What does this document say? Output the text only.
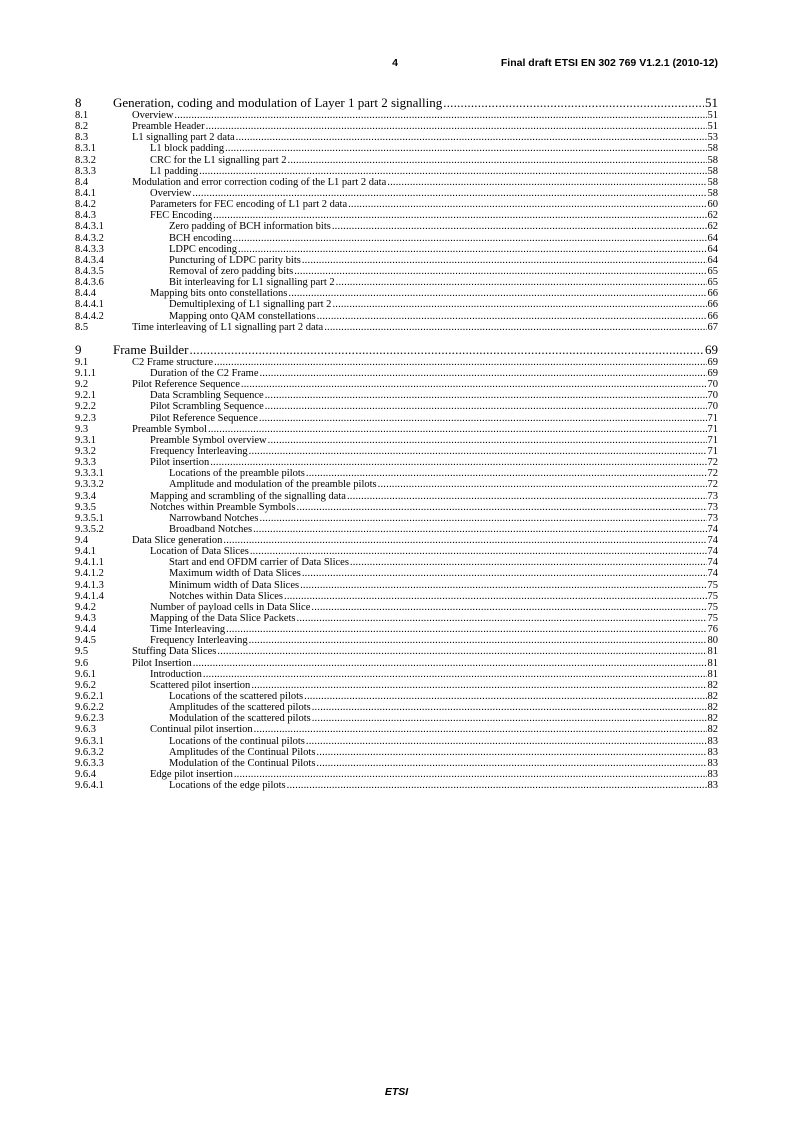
4	Final draft ETSI EN 302 769 V1.2.1 (2010-12)
8 Generation, coding and modulation of Layer 1 part 2 signalling .....	51
8.1	Overview .....	51
8.2	Preamble Header .....	51
8.3	L1 signalling part 2 data .....	53
8.3.1	L1 block padding .....	58
8.3.2	CRC for the L1 signalling part 2 .....	58
8.3.3	L1 padding .....	58
8.4	Modulation and error correction coding of the L1 part 2 data .....	58
8.4.1	Overview .....	58
8.4.2	Parameters for FEC encoding of L1 part 2 data .....	60
8.4.3	FEC Encoding .....	62
8.4.3.1	Zero padding of BCH information bits .....	62
8.4.3.2	BCH encoding .....	64
8.4.3.3	LDPC encoding .....	64
8.4.3.4	Puncturing of LDPC parity bits .....	64
8.4.3.5	Removal of zero padding bits .....	65
8.4.3.6	Bit interleaving for L1 signalling part 2 .....	65
8.4.4	Mapping bits onto constellations .....	66
8.4.4.1	Demultiplexing of L1 signalling part 2 .....	66
8.4.4.2	Mapping onto QAM constellations .....	66
8.5	Time interleaving of L1 signalling part 2 data .....	67
9 Frame Builder .....	69
9.1	C2 Frame structure .....	69
9.1.1	Duration of the C2 Frame .....	69
9.2	Pilot Reference Sequence .....	70
9.2.1	Data Scrambling Sequence .....	70
9.2.2	Pilot Scrambling Sequence .....	70
9.2.3	Pilot Reference Sequence .....	71
9.3	Preamble Symbol .....	71
9.3.1	Preamble Symbol overview .....	71
9.3.2	Frequency Interleaving .....	71
9.3.3	Pilot insertion .....	72
9.3.3.1	Locations of the preamble pilots .....	72
9.3.3.2	Amplitude and modulation of the preamble pilots .....	72
9.3.4	Mapping and scrambling of the signalling data .....	73
9.3.5	Notches within Preamble Symbols .....	73
9.3.5.1	Narrowband Notches .....	73
9.3.5.2	Broadband Notches .....	74
9.4	Data Slice generation .....	74
9.4.1	Location of Data Slices .....	74
9.4.1.1	Start and end OFDM carrier of Data Slices .....	74
9.4.1.2	Maximum width of Data Slices .....	74
9.4.1.3	Minimum width of Data Slices .....	75
9.4.1.4	Notches within Data Slices .....	75
9.4.2	Number of payload cells in Data Slice .....	75
9.4.3	Mapping of the Data Slice Packets .....	75
9.4.4	Time Interleaving .....	76
9.4.5	Frequency Interleaving .....	80
9.5	Stuffing Data Slices .....	81
9.6	Pilot Insertion .....	81
9.6.1	Introduction .....	81
9.6.2	Scattered pilot insertion .....	82
9.6.2.1	Locations of the scattered pilots .....	82
9.6.2.2	Amplitudes of the scattered pilots .....	82
9.6.2.3	Modulation of the scattered pilots .....	82
9.6.3	Continual pilot insertion .....	82
9.6.3.1	Locations of the continual pilots .....	83
9.6.3.2	Amplitudes of the Continual Pilots .....	83
9.6.3.3	Modulation of the Continual Pilots .....	83
9.6.4	Edge pilot insertion .....	83
9.6.4.1	Locations of the edge pilots .....	83
ETSI
